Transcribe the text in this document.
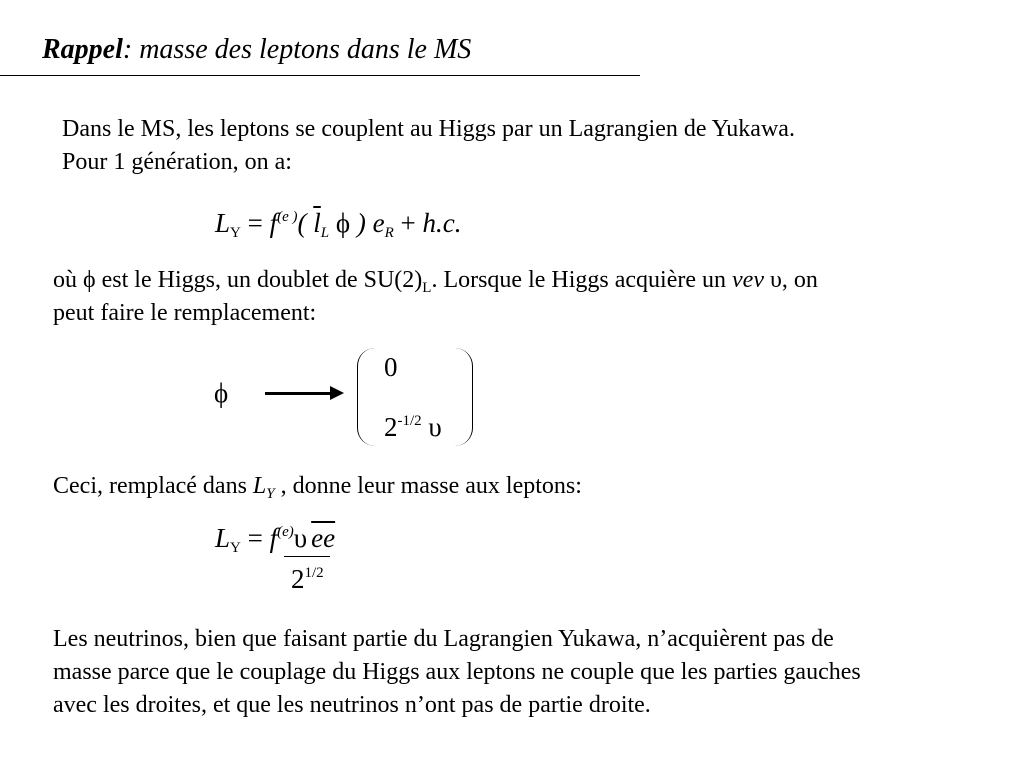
Rappel: masse des leptons dans le MS
Dans le MS, les leptons se couplent au Higgs par un Lagrangien de Yukawa.
Pour 1 génération, on a:
$L_Y = f^{(e )}$( $\overline{l}_L$ ϕ ) $e_R + h.c$.
où ϕ est le Higgs, un doublet de $SU(2)_L$. Lorsque le Higgs acquière un vev υ, on
peut faire le remplacement:
ϕ
0
$2^{-1/2}$ υ
Ceci, remplacé dans $L_Y$ , donne leur masse aux leptons:
$L_Y = f^{(e)}\upsilon$ $\overline{ee}$
$2^{1/2}$
Les neutrinos, bien que faisant partie du Lagrangien Yukawa, n’acquièrent pas de
masse parce que le couplage du Higgs aux leptons ne couple que les parties gauches
avec les droites, et que les neutrinos n’ont pas de partie droite.
